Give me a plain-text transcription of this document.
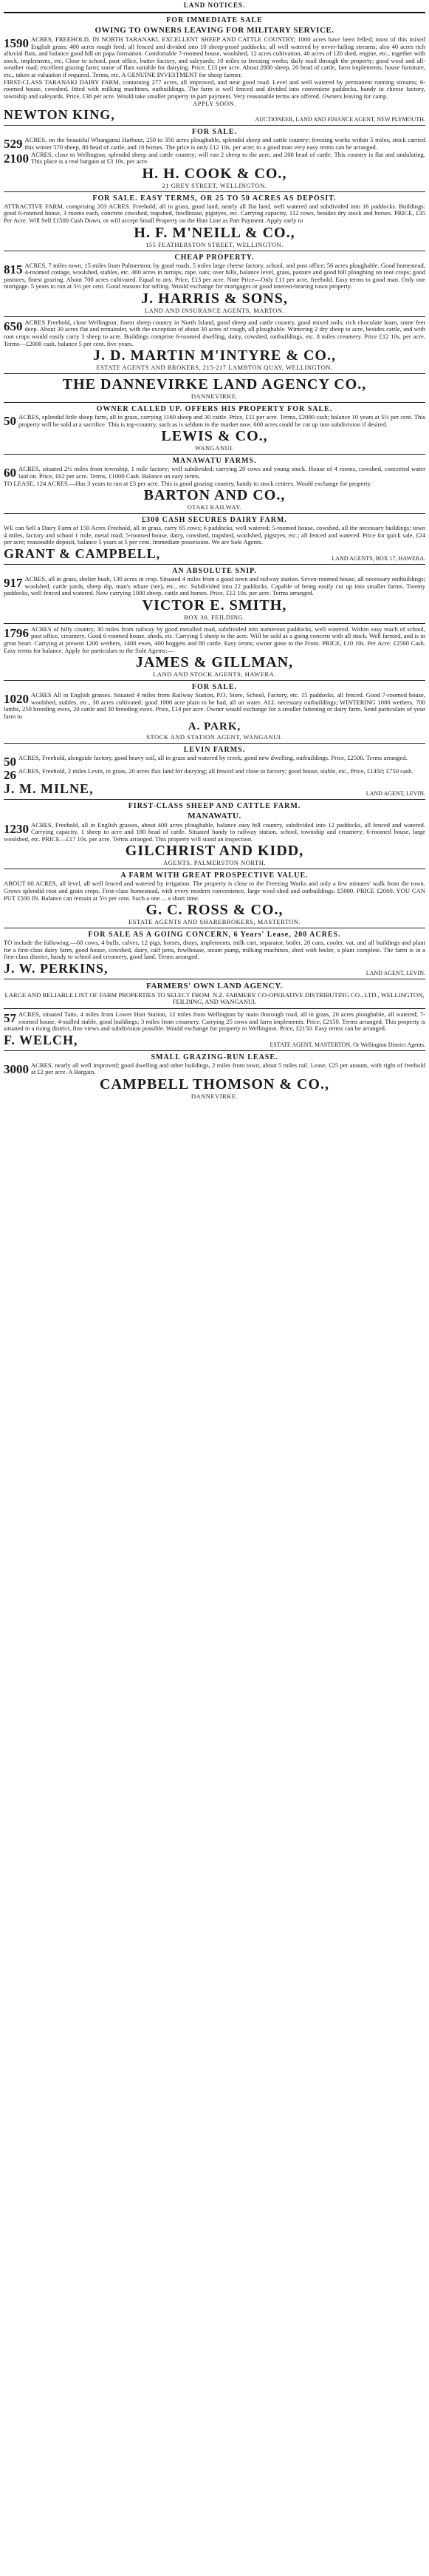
LAND NOTICES.
FOR IMMEDIATE SALE
OWING TO OWNERS LEAVING FOR MILITARY SERVICE.
1590 ACRES, FREEHOLD, IN NORTH TARANAKI, EXCELLENT SHEEP AND CATTLE COUNTRY; 1000 acres have been felled; most of this mixed English grass; 400 acres rough feed; all fenced and divided into 10 sheep-proof paddocks; all well watered by never-failing streams; also 40 acres rich alluvial flats, and balance good hill on papa formation. Comfortable 7-roomed house, woolshed, 12 acres cultivation, 40 acres of 120 shed, engine, etc., together with stock, implements, etc. Close to school, post office, butter factory, and saleyards; 10 miles to freezing works; daily mail through the property; good wool and all-weather road; excellent grazing farm; some of flats suitable for dairying. Price, £13 per acre. About 2000 sheep, 20 head of cattle, farm implements, house furniture, etc., taken at valuation if required. Terms, etc. A GENUINE INVESTMENT for sheep farmer.

FIRST-CLASS TARANAKI DAIRY FARM, containing 277 acres, all improved, and near good road. Level and well watered by permanent running streams; 6-roomed house, cowshed, fitted with milking machines, outbuildings. The farm is well fenced and divided into convenient paddocks, handy to cheese factory, township and saleyards. Price, £38 per acre. Would take smaller property in part payment. Very reasonable terms are offered. Owners leaving for camp.

APPLY SOON.
NEWTON KING,	AUCTIONEER, LAND AND FINANCE AGENT, NEW PLYMOUTH.
FOR SALE.
529 ACRES, on the beautiful Whanganui Harbour, 250 to 350 acres ploughable, splendid sheep and cattle country; freezing works within 5 miles, stock carried this winter 570 sheep, 80 head of cattle, and 10 horses. The price is only £12 10s. per acre; to a good man very easy terms can be arranged.

2100 ACRES, close to Wellington, splendid sheep and cattle country; will run 2 sheep to the acre, and 200 head of cattle. This country is flat and undulating. This place is a real bargain at £3 10s. per acre.

H. H. COOK & CO.,
21 GREY STREET, WELLINGTON.
FOR SALE. EASY TERMS, OR 25 TO 50 ACRES AS DEPOSIT.

ATTRACTIVE FARM, comprising 203 ACRES. Freehold; all in grass, good land, nearly all flat land, well watered and subdivided into 16 paddocks. Buildings: good 6-roomed house, 3 rooms each, concrete cowshed, trapshed, fowlhouse, pigstyes, etc. Carrying capacity, 112 cows, besides dry stock and horses. PRICE, £35 Per Acre. Will Sell £1500 Cash Down, or will accept Small Property on the Hutt Line as Part Payment. Apply early to

H. F. M'NEILL & CO.,
155 FEATHERSTON STREET, WELLINGTON.
CHEAP PROPERTY.
815 ACRES, 7 miles town, 15 miles from Palmerston, by good roads, 5 miles large cheese factory, school, and post office; 56 acres ploughable. Good homestead, 4-roomed cottage, woolshed, stables, etc. 400 acres in turnips, rape, oats; over hills, balance level, grass, pasture and good hill ploughing on root crops; good pastures, finest grazing. About 700 acres cultivated. Equal to any. Price, £13 per acre. Note Price—Only £11 per acre, freehold. Easy terms to good man. Only one mortgage. 5 years to run at 5½ per cent. Good reasons for selling. Would exchange for mortgages or good interest-bearing town property.

J. HARRIS & SONS,
LAND AND INSURANCE AGENTS, MARTON.
650 ACRES Freehold, close Wellington; finest sheep country in North Island, good sheep and cattle country, good mixed soils; rich chocolate loam, some feet deep. About 30 acres flat and remainder, with the exception of about 30 acres of rough, all ploughable. Wintering 2 dry sheep to acre, besides cattle, and with root crops would easily carry 3 sheep to acre. Buildings comprise 6-roomed dwelling, dairy, cowshed, outbuildings, etc. 8 miles creamery. Price £12 10s. per acre. Terms—£2000 cash, balance 5 per cent. five years.

J. D. MARTIN M'INTYRE & CO.,
ESTATE AGENTS AND BROKERS, 215-217 LAMBTON QUAY, WELLINGTON.
THE DANNEVIRKE LAND AGENCY CO.,
DANNEVIRKE.
OWNER CALLED UP. OFFERS HIS PROPERTY FOR SALE.
50 ACRES, splendid little sheep farm, all in grass, carrying 1160 sheep and 30 cattle. Price, £11 per acre. Terms, £2000 cash; balance 10 years at 5½ per cent. This property will be sold at a sacrifice. This is top-country, such as is seldom in the market now. 600 acres could be cut up into subdivision if desired.

LEWIS & CO.,
WANGANUI.
MANAWATU FARMS.
60 ACRES, situated 2½ miles from township, 1 mile factory; well subdivided; carrying 20 cows and young stock. House of 4 rooms, cowshed, concreted water laid on. Price, £62 per acre. Terms, £1000 Cash. Balance on easy terms.

TO LEASE, 124 ACRES.—Has 3 years to run at £3 per acre. This is good grazing country, handy to stock centres. Would exchange for property.

BARTON AND CO.,
OTAKI RAILWAY.
£300 CASH SECURES DAIRY FARM.

WE can Sell a Dairy Farm of 150 Acres Freehold, all in grass, carry 65 cows; 6 paddocks, well watered; 5-roomed house, cowshed, all the necessary buildings; town 4 miles, factory and school 1 mile, metal road; 5-roomed house, dairy, cowshed, trapshed, woolshed, pigstyes, etc.; all fenced and watered. Price for quick sale, £24 per acre; reasonable deposit, balance 5 years at 5 per cent. Immediate possession. We are Sole Agents.

GRANT & CAMPBELL,	LAND AGENTS, BOX 17, HAWERA.
AN ABSOLUTE SNIP.
917 ACRES, all in grass, shelter bush, 130 acres in crop. Situated 4 miles from a good town and railway station. Seven-roomed house, all necessary outbuildings; woolshed, cattle yards, sheep dip, man's whare (tee), etc., etc. Subdivided into 22 paddocks. Capable of being easily cut up into smaller farms. Twenty paddocks, well fenced and watered. Now carrying 1000 sheep, cattle and horses. Price, £12 10s. per acre. Terms arranged.

VICTOR E. SMITH,
BOX 30, FEILDING.
1796 ACRES of hilly country, 30 miles from railway by good metalled road, subdivided into numerous paddocks, well watered. Within easy reach of school, post office, creamery. Good 6-roomed house, sheds, etc. Carrying 5 sheep to the acre. Will be sold as a going concern with all stock. Well farmed, and is in great heart. Carrying at present 1200 wethers, 1400 ewes, 400 hoggets and 80 cattle. Easy terms; owner gone to the Front. PRICE, £10 10s. Per Acre. £2500 Cash. Easy terms for balance. Apply for particulars to the Sole Agents:—

JAMES & GILLMAN,
LAND AND STOCK AGENTS, HAWERA.
FOR SALE.
1020 ACRES All in English grasses. Situated 4 miles from Railway Station, P.O. Store, School, Factory, etc. 15 paddocks, all fenced. Good 7-roomed house, woolshed, stables, etc., 30 acres cultivated; good 1000 acre plain to be had, all on water. ALL necessary outbuildings; WINTERING 1000 wethers, 700 lambs, 250 breeding ewes, 20 cattle and 30 breeding ewes. Price, £14 per acre. Owner would exchange for a smaller fattening or dairy farm. Send particulars of your farm to

A. PARK,
STOCK AND STATION AGENT, WANGANUI.
LEVIN FARMS.
50 ACRES, Freehold, alongside factory, good heavy soil, all in grass and watered by creek; good new dwelling, outbuildings. Price, £2500. Terms arranged.

26 ACRES, Freehold, 2 miles Levin, in grass, 20 acres flax land for dairying; all fenced and close to factory; good house, stable, etc., Price, £1450; £750 cash.

J. M. MILNE,	LAND AGENT, LEVIN.
FIRST-CLASS SHEEP AND CATTLE FARM.
MANAWATU.
1230 ACRES, Freehold, all in English grasses, about 400 acres ploughable, balance easy hill country, subdivided into 12 paddocks, all fenced and watered. Carrying capacity, 1 sheep to acre and 180 head of cattle. Situated handy to railway station, school, township and creamery; 6-roomed house, large woolshed, etc. PRICE—£17 10s. per acre. Terms arranged. This property will stand an inspection.

GILCHRIST AND KIDD,
AGENTS, PALMERSTON NORTH.
A FARM WITH GREAT PROSPECTIVE VALUE.

ABOUT 60 ACRES, all level, all well fenced and watered by irrigation. The property is close to the Freezing Works and only a few minutes' walk from the town. Grows splendid root and grain crops. First-class homestead, with every modern convenience, large wool-shed and outbuildings. £5000. PRICE £2000. YOU CAN PUT £500 IN. Balance can remain at 5½ per cent. Such a one ... a short time.

G. C. ROSS & CO.,
ESTATE AGENTS AND SHAREBROKERS, MASTERTON.
FOR SALE AS A GOING CONCERN, 6 Years' Lease, 200 ACRES.

TO include the following:—60 cows, 4 bulls, calves, 12 pigs, horses, drays, implements, milk cart, separator, boiler, 20 cans, cooler, vat, and all buildings and plant for a first-class dairy farm, good house, cowshed, dairy, calf pens, fowlhouse, steam pump, milking machines, shed with boiler, a plant complete. The farm is in a first-class district, handy to school and creamery, good land. Terms arranged.

J. W. PERKINS,	LAND AGENT, LEVIN.
FARMERS' OWN LAND AGENCY.

LARGE AND RELIABLE LIST OF FARM PROPERTIES TO SELECT FROM. N.Z. FARMERS' CO-OPERATIVE DISTRIBUTING CO., LTD., WELLINGTON, FEILDING, AND WANGANUI.

57 ACRES, situated Tatts, 4 miles from Lower Hutt Station, 12 miles from Wellington by main thorough road, all in grass, 20 acres ploughable, all watered; 7-roomed house, 4-stalled stable, good buildings; 3 miles from creamery. Carrying 25 cows and farm implements. Price, £2150. Terms arranged. This property is situated in a rising district, fine views and subdivision possible. Would exchange for property in Wellington. Price, £2150. Easy terms can be arranged.

F. WELCH,	ESTATE AGENT, MASTERTON, Or Wellington District Agents.
SMALL GRAZING-RUN LEASE.
3000 ACRES, nearly all well improved; good dwelling and other buildings, 2 miles from town, about 5 miles rail. Lease, £25 per annum, with right of freehold at £2 per acre. A Bargain.

CAMPBELL THOMSON & CO.,
DANNEVIRKE.
